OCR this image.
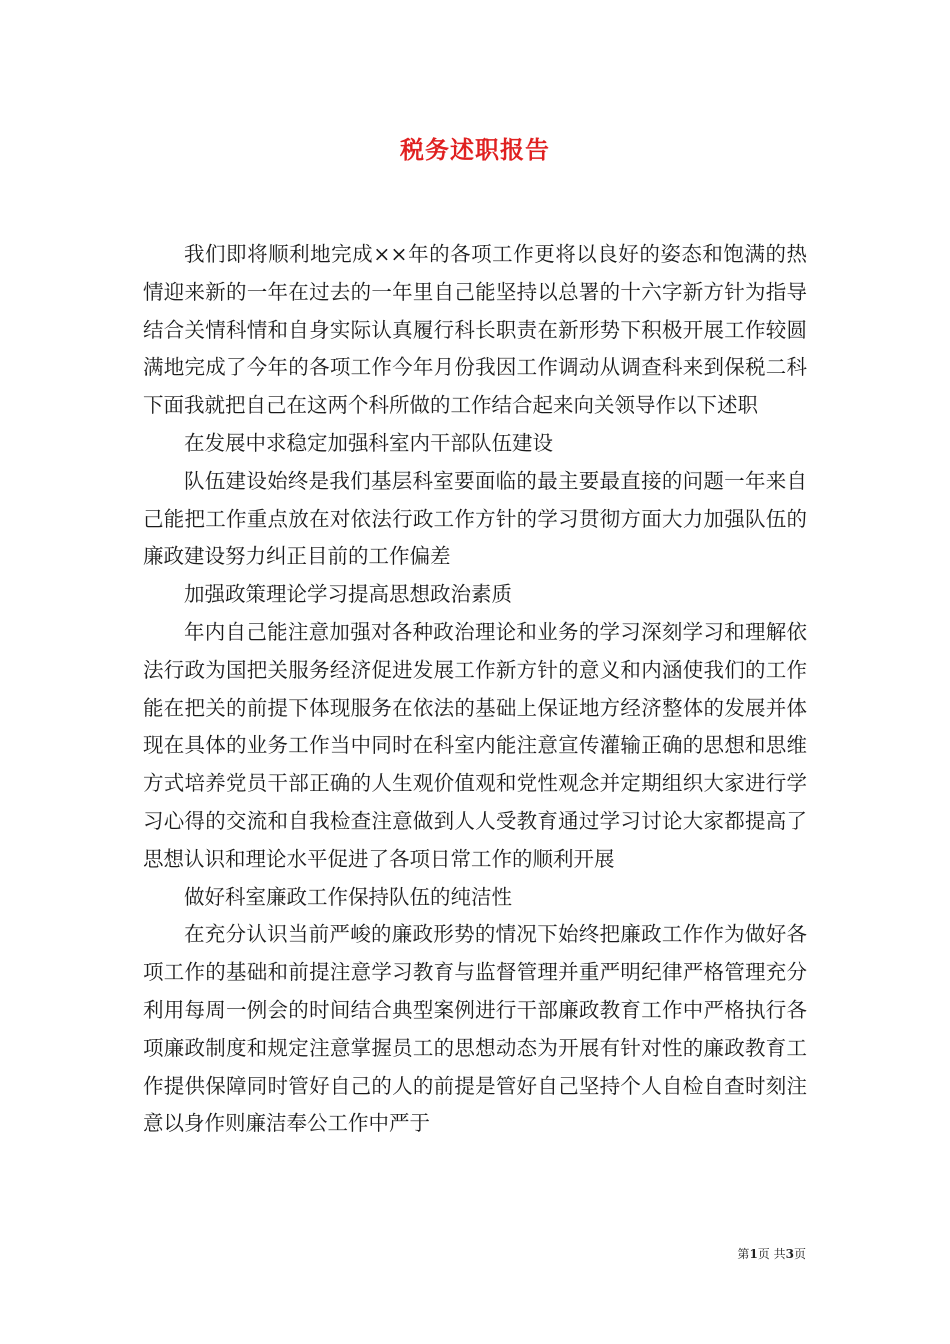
税务述职报告

我们即将顺利地完成××年的各项工作更将以良好的姿态和饱满的热情迎来新的一年在过去的一年里自己能坚持以总署的十六字新方针为指导结合关情科情和自身实际认真履行科长职责在新形势下积极开展工作较圆满地完成了今年的各项工作今年月份我因工作调动从调查科来到保税二科下面我就把自己在这两个科所做的工作结合起来向关领导作以下述职

在发展中求稳定加强科室内干部队伍建设

队伍建设始终是我们基层科室要面临的最主要最直接的问题一年来自己能把工作重点放在对依法行政工作方针的学习贯彻方面大力加强队伍的廉政建设努力纠正目前的工作偏差

加强政策理论学习提高思想政治素质

年内自己能注意加强对各种政治理论和业务的学习深刻学习和理解依法行政为国把关服务经济促进发展工作新方针的意义和内涵使我们的工作能在把关的前提下体现服务在依法的基础上保证地方经济整体的发展并体现在具体的业务工作当中同时在科室内能注意宣传灌输正确的思想和思维方式培养党员干部正确的人生观价值观和党性观念并定期组织大家进行学习心得的交流和自我检查注意做到人人受教育通过学习讨论大家都提高了思想认识和理论水平促进了各项日常工作的顺利开展

做好科室廉政工作保持队伍的纯洁性

在充分认识当前严峻的廉政形势的情况下始终把廉政工作作为做好各项工作的基础和前提注意学习教育与监督管理并重严明纪律严格管理充分利用每周一例会的时间结合典型案例进行干部廉政教育工作中严格执行各项廉政制度和规定注意掌握员工的思想动态为开展有针对性的廉政教育工作提供保障同时管好自己的人的前提是管好自己坚持个人自检自查时刻注意以身作则廉洁奉公工作中严于

第1页 共3页
